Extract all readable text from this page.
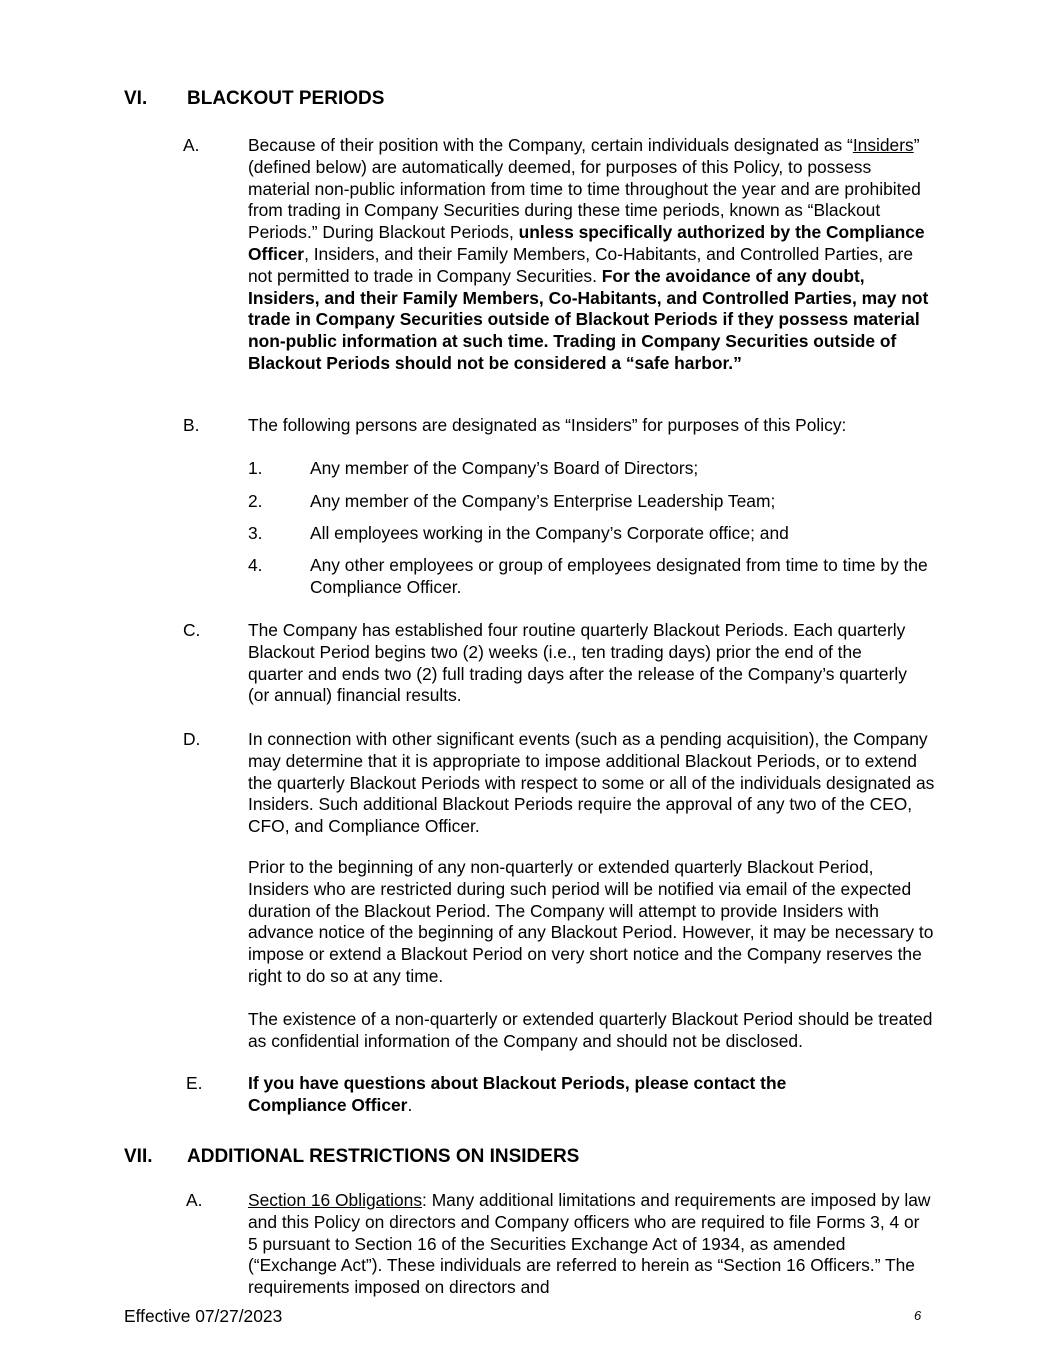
VI. BLACKOUT PERIODS
A.	Because of their position with the Company, certain individuals designated as “Insiders” (defined below) are automatically deemed, for purposes of this Policy, to possess material non-public information from time to time throughout the year and are prohibited from trading in Company Securities during these time periods, known as “Blackout Periods.” During Blackout Periods, unless specifically authorized by the Compliance Officer, Insiders, and their Family Members, Co-Habitants, and Controlled Parties, are not permitted to trade in Company Securities. For the avoidance of any doubt, Insiders, and their Family Members, Co-Habitants, and Controlled Parties, may not trade in Company Securities outside of Blackout Periods if they possess material non-public information at such time. Trading in Company Securities outside of Blackout Periods should not be considered a “safe harbor.”
B.	The following persons are designated as “Insiders” for purposes of this Policy:
1.	Any member of the Company’s Board of Directors;
2.	Any member of the Company’s Enterprise Leadership Team;
3.	All employees working in the Company’s Corporate office; and
4.	Any other employees or group of employees designated from time to time by the Compliance Officer.
C.	The Company has established four routine quarterly Blackout Periods. Each quarterly Blackout Period begins two (2) weeks (i.e., ten trading days) prior the end of the quarter and ends two (2) full trading days after the release of the Company’s quarterly (or annual) financial results.
D.	In connection with other significant events (such as a pending acquisition), the Company may determine that it is appropriate to impose additional Blackout Periods, or to extend the quarterly Blackout Periods with respect to some or all of the individuals designated as Insiders. Such additional Blackout Periods require the approval of any two of the CEO, CFO, and Compliance Officer.
Prior to the beginning of any non-quarterly or extended quarterly Blackout Period, Insiders who are restricted during such period will be notified via email of the expected duration of the Blackout Period. The Company will attempt to provide Insiders with advance notice of the beginning of any Blackout Period. However, it may be necessary to impose or extend a Blackout Period on very short notice and the Company reserves the right to do so at any time.
The existence of a non-quarterly or extended quarterly Blackout Period should be treated as confidential information of the Company and should not be disclosed.
E.	If you have questions about Blackout Periods, please contact the Compliance Officer.
VII. ADDITIONAL RESTRICTIONS ON INSIDERS
A.	Section 16 Obligations: Many additional limitations and requirements are imposed by law and this Policy on directors and Company officers who are required to file Forms 3, 4 or 5 pursuant to Section 16 of the Securities Exchange Act of 1934, as amended (“Exchange Act”). These individuals are referred to herein as “Section 16 Officers.” The requirements imposed on directors and
Effective 07/27/2023	6
